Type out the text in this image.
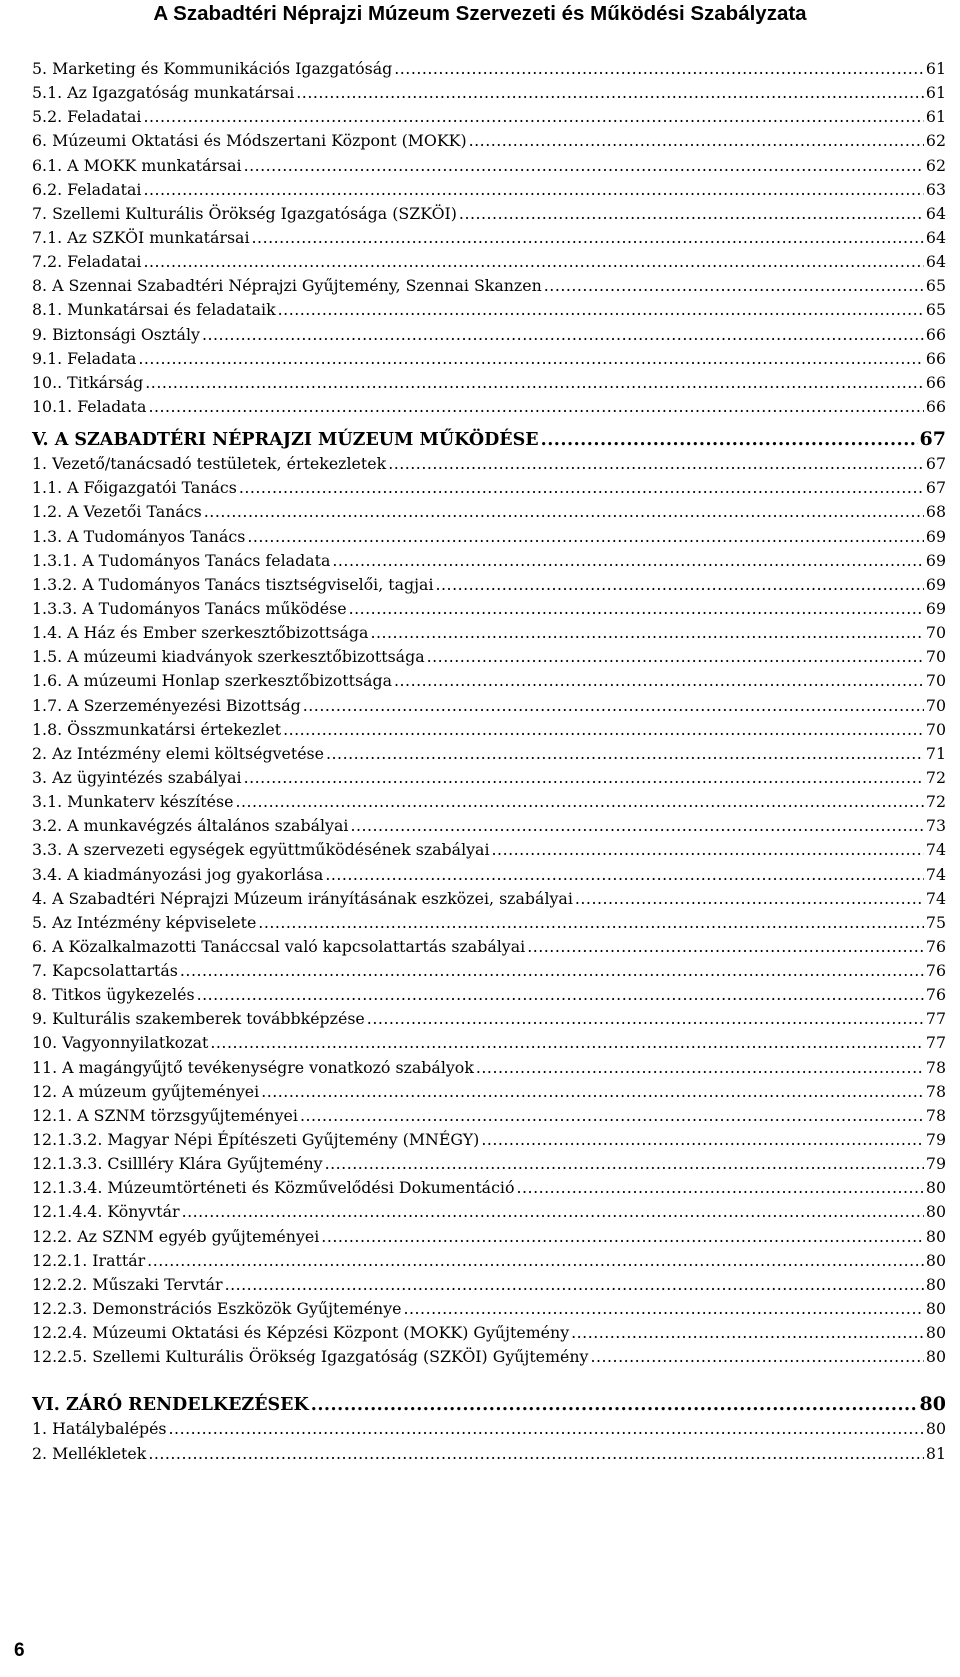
A Szabadtéri Néprajzi Múzeum Szervezeti és Működési Szabályzata
5. Marketing és Kommunikációs Igazgatóság .....	61
5.1. Az Igazgatóság munkatársai .....	61
5.2. Feladatai .....	61
6. Múzeumi Oktatási és Módszertani Központ (MOKK) .....	62
6.1. A MOKK munkatársai .....	62
6.2. Feladatai .....	63
7. Szellemi Kulturális Örökség Igazgatósága (SZKÖI) .....	64
7.1. Az SZKÖI munkatársai .....	64
7.2. Feladatai .....	64
8. A Szennai Szabadtéri Néprajzi Gyűjtemény, Szennai Skanzen .....	65
8.1. Munkatársai és feladataik .....	65
9. Biztonsági Osztály .....	66
9.1. Feladata .....	66
10.. Titkárság .....	66
10.1. Feladata .....	66
V. A SZABADTÉRI NÉPRAJZI MÚZEUM MŰKÖDÉSE .....	67
1. Vezető/tanácsadó testületek, értekezletek .....	67
1.1. A Főigazgatói Tanács .....	67
1.2. A Vezetői Tanács .....	68
1.3. A Tudományos Tanács .....	69
1.3.1. A Tudományos Tanács feladata .....	69
1.3.2. A Tudományos Tanács tisztségviselői, tagjai .....	69
1.3.3. A Tudományos Tanács működése .....	69
1.4. A Ház és Ember szerkesztőbizottsága .....	70
1.5. A múzeumi kiadványok szerkesztőbizottsága .....	70
1.6. A múzeumi Honlap szerkesztőbizottsága .....	70
1.7. A Szerzeményezési Bizottság .....	70
1.8. Összmunkatársi értekezlet .....	70
2. Az Intézmény elemi költségvetése .....	71
3. Az ügyintézés szabályai .....	72
3.1. Munkaterv készítése .....	72
3.2. A munkavégzés általános szabályai .....	73
3.3. A szervezeti egységek együttműködésének szabályai .....	74
3.4. A kiadmányozási jog gyakorlása .....	74
4. A Szabadtéri Néprajzi Múzeum irányításának eszközei, szabályai .....	74
5. Az Intézmény képviselete .....	75
6. A Közalkalmazotti Tanáccsal való kapcsolattartás szabályai .....	76
7. Kapcsolattartás .....	76
8. Titkos ügykezelés .....	76
9. Kulturális szakemberek továbbképzése .....	77
10. Vagyonnyilatkozat .....	77
11. A magángyűjtő tevékenységre vonatkozó szabályok .....	78
12. A múzeum gyűjteményei .....	78
12.1. A SZNM törzsgyűjteményei .....	78
12.1.3.2. Magyar Népi Építészeti Gyűjtemény (MNÉGY) .....	79
12.1.3.3. Csillléry Klára Gyűjtemény .....	79
12.1.3.4. Múzeumtörténeti és Közművelődési Dokumentáció .....	80
12.1.4.4. Könyvtár .....	80
12.2. Az SZNM egyéb gyűjteményei .....	80
12.2.1. Irattár .....	80
12.2.2. Műszaki Tervtár .....	80
12.2.3. Demonstrációs Eszközök Gyűjteménye .....	80
12.2.4. Múzeumi Oktatási és Képzési Központ (MOKK) Gyűjtemény .....	80
12.2.5. Szellemi Kulturális Örökség Igazgatóság (SZKÖI) Gyűjtemény .....	80
VI. ZÁRÓ RENDELKEZÉSEK .....	80
1. Hatálybalépés .....	80
2. Mellékletek .....	81
6
